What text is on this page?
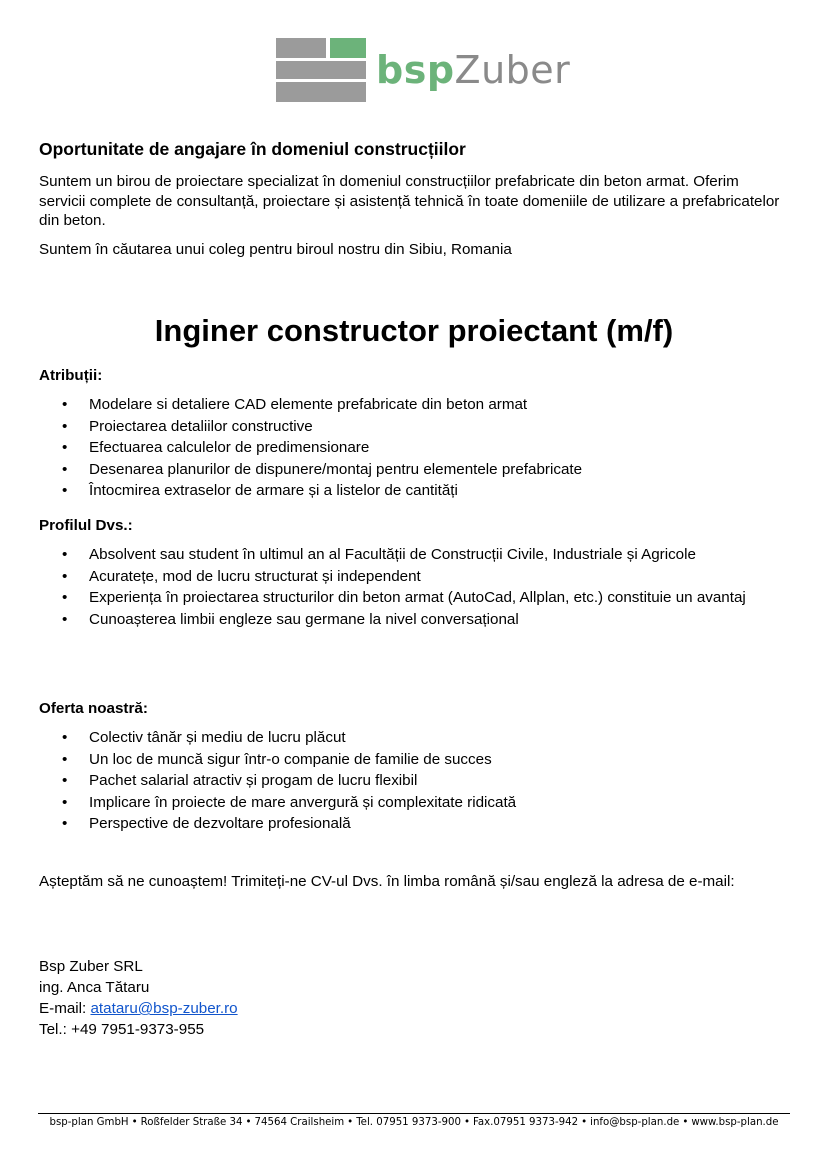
bspZuber
Oportunitate de angajare în domeniul construcțiilor

Suntem un birou de proiectare specializat în domeniul construcțiilor prefabricate din beton armat. Oferim servicii complete de consultanță, proiectare și asistență tehnică în toate domeniile de utilizare a prefabricatelor din beton.

Suntem în căutarea unui coleg pentru biroul nostru din Sibiu, Romania

Inginer constructor proiectant (m/f)
Atribuții:
• Modelare si detaliere CAD elemente prefabricate din beton armat
• Proiectarea detaliilor constructive
• Efectuarea calculelor de predimensionare
• Desenarea planurilor de dispunere/montaj pentru elementele prefabricate
• Întocmirea extraselor de armare și a listelor de cantități
Profilul Dvs.:
• Absolvent sau student în ultimul an al Facultății de Construcții Civile, Industriale și Agricole
• Acuratețe, mod de lucru structurat și independent
• Experiența în proiectarea structurilor din beton armat (AutoCad, Allplan, etc.) constituie un avantaj
• Cunoașterea limbii engleze sau germane la nivel conversațional
Oferta noastră:
• Colectiv tânăr și mediu de lucru plăcut
• Un loc de muncă sigur într-o companie de familie de succes
• Pachet salarial atractiv și progam de lucru flexibil
• Implicare în proiecte de mare anvergură și complexitate ridicată
• Perspective de dezvoltare profesională
Așteptăm să ne cunoaștem! Trimiteți-ne CV-ul Dvs. în limba română și/sau engleză la adresa de e-mail:
Bsp Zuber SRL
ing. Anca Tătaru
E-mail: atataru@bsp-zuber.ro
Tel.: +49 7951-9373-955
bsp-plan GmbH • Roßfelder Straße 34 • 74564 Crailsheim • Tel. 07951 9373-900 • Fax.07951 9373-942 • info@bsp-plan.de • www.bsp-plan.de
